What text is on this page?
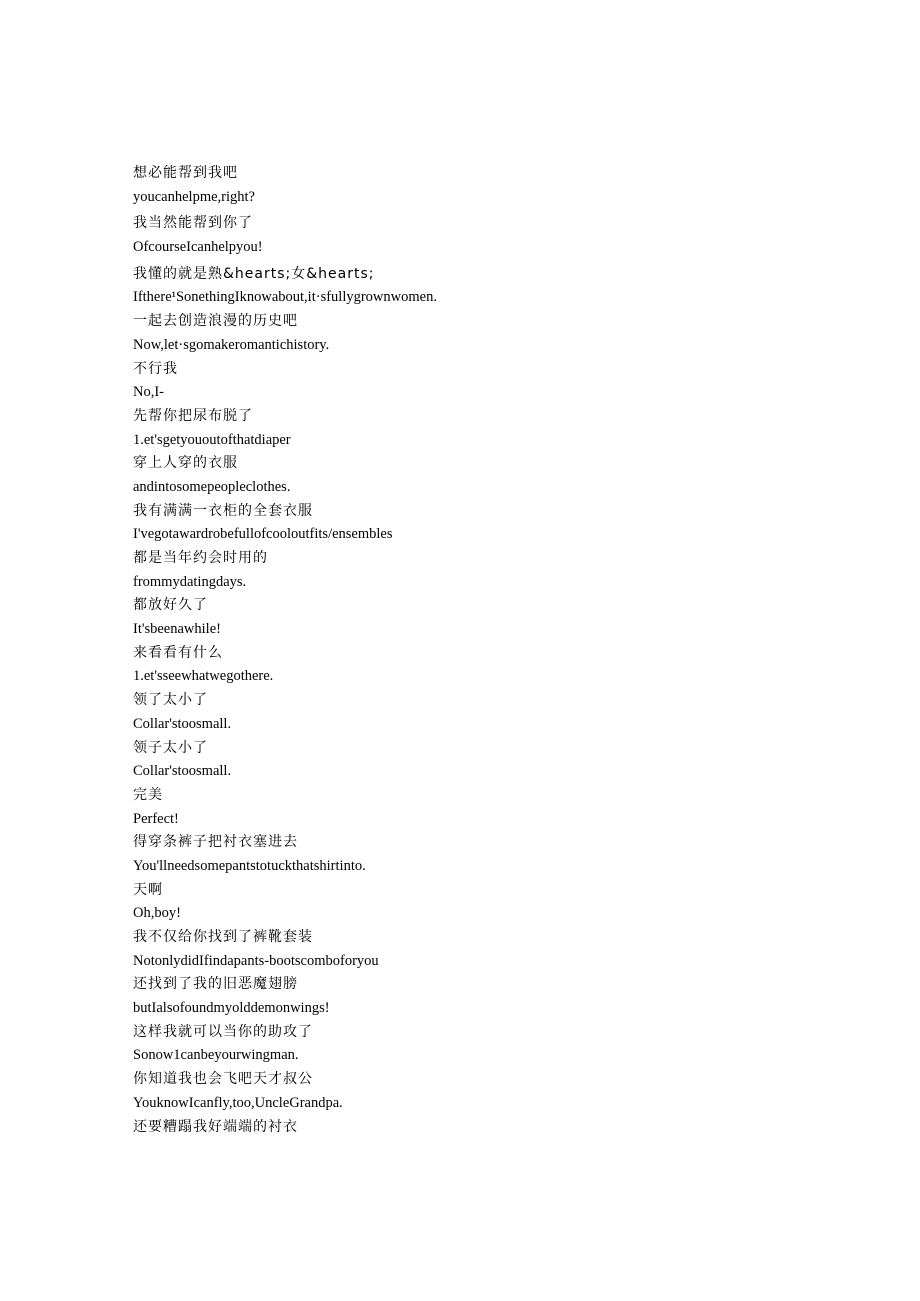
想必能帮到我吧
youcanhelpme,right?
我当然能帮到你了
OfcourseIcanhelpyou!
我懂的就是熟&hearts;女&hearts;
Ifthere¹SonethingIknowabout,it·sfullygrownwomen.
一起去创造浪漫的历史吧
Now,let·sgomakeromantichistory.
不行我
No,I-
先帮你把尿布脱了
1.et'sgetyououtofthatdiaper
穿上人穿的衣服
andintosomepeopleclothes.
我有满满一衣柜的全套衣服
I'vegotawardrobefullofcooloutfits/ensembles
都是当年约会时用的
frommydatingdays.
都放好久了
It'sbeenawhile!
来看看有什么
1.et'sseewhatwegothere.
领了太小了
Collar'stoosmall.
领子太小了
Collar'stoosmall.
完美
Perfect!
得穿条裤子把衬衣塞进去
You'llneedsomepantstotuckthatshirtinto.
天啊
Oh,boy!
我不仅给你找到了裤靴套装
NotonlydidIfindapants-bootscomboforyou
还找到了我的旧恶魔翅膀
butIalsofoundmyolddemonwings!
这样我就可以当你的助攻了
Sonow1canbeyourwingman.
你知道我也会飞吧天才叔公
YouknowIcanfly,too,UncleGrandpa.
还要糟蹋我好端端的衬衣
